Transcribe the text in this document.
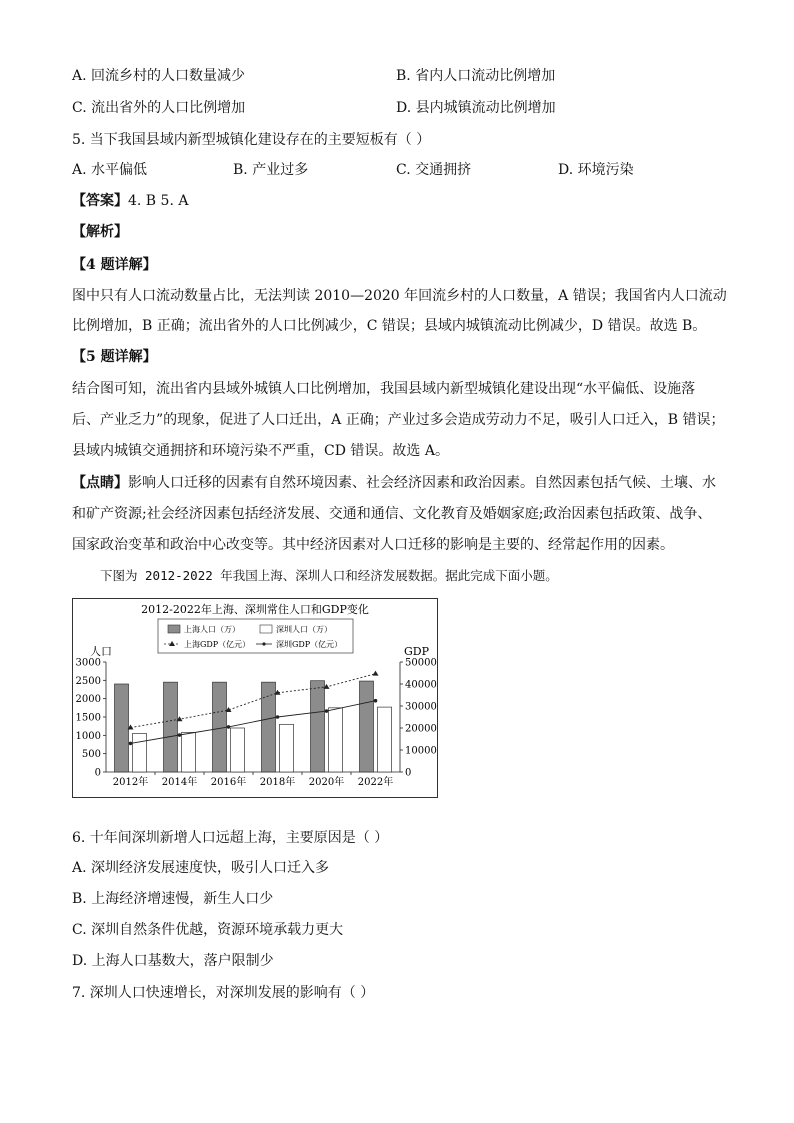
A. 回流乡村的人口数量减少	B. 省内人口流动比例增加
C. 流出省外的人口比例增加	D. 县内城镇流动比例增加
5. 当下我国县域内新型城镇化建设存在的主要短板有（ ）
A. 水平偏低	B. 产业过多	C. 交通拥挤	D. 环境污染
【答案】4. B 5. A
【解析】
【4 题详解】
图中只有人口流动数量占比，无法判读 2010—2020 年回流乡村的人口数量，A 错误；我国省内人口流动
比例增加，B 正确；流出省外的人口比例减少，C 错误；县域内城镇流动比例减少，D 错误。故选 B。
【5 题详解】
结合图可知，流出省内县域外城镇人口比例增加，我国县域内新型城镇化建设出现“水平偏低、设施落
后、产业乏力”的现象，促进了人口迁出，A 正确；产业过多会造成劳动力不足，吸引人口迁入，B 错误；
县域内城镇交通拥挤和环境污染不严重，CD 错误。故选 A。
【点睛】影响人口迁移的因素有自然环境因素、社会经济因素和政治因素。自然因素包括气候、土壤、水
和矿产资源;社会经济因素包括经济发展、交通和通信、文化教育及婚姻家庭;政治因素包括政策、战争、
国家政治变革和政治中心改变等。其中经济因素对人口迁移的影响是主要的、经常起作用的因素。
下图为 2012-2022 年我国上海、深圳人口和经济发展数据。据此完成下面小题。
2012-2022年上海、深圳常住人口和GDP变化
上海人口（万）	深圳人口（万）
上海GDP（亿元）	深圳GDP（亿元）
人口	GDP
0
500
1000
1500
2000
2500
3000
0
10000
20000
30000
40000
50000
2012年 2014年 2016年 2018年 2020年 2022年
6. 十年间深圳新增人口远超上海，主要原因是（ ）
A. 深圳经济发展速度快，吸引人口迁入多
B. 上海经济增速慢，新生人口少
C. 深圳自然条件优越，资源环境承载力更大
D. 上海人口基数大，落户限制少
7. 深圳人口快速增长，对深圳发展的影响有（ ）
